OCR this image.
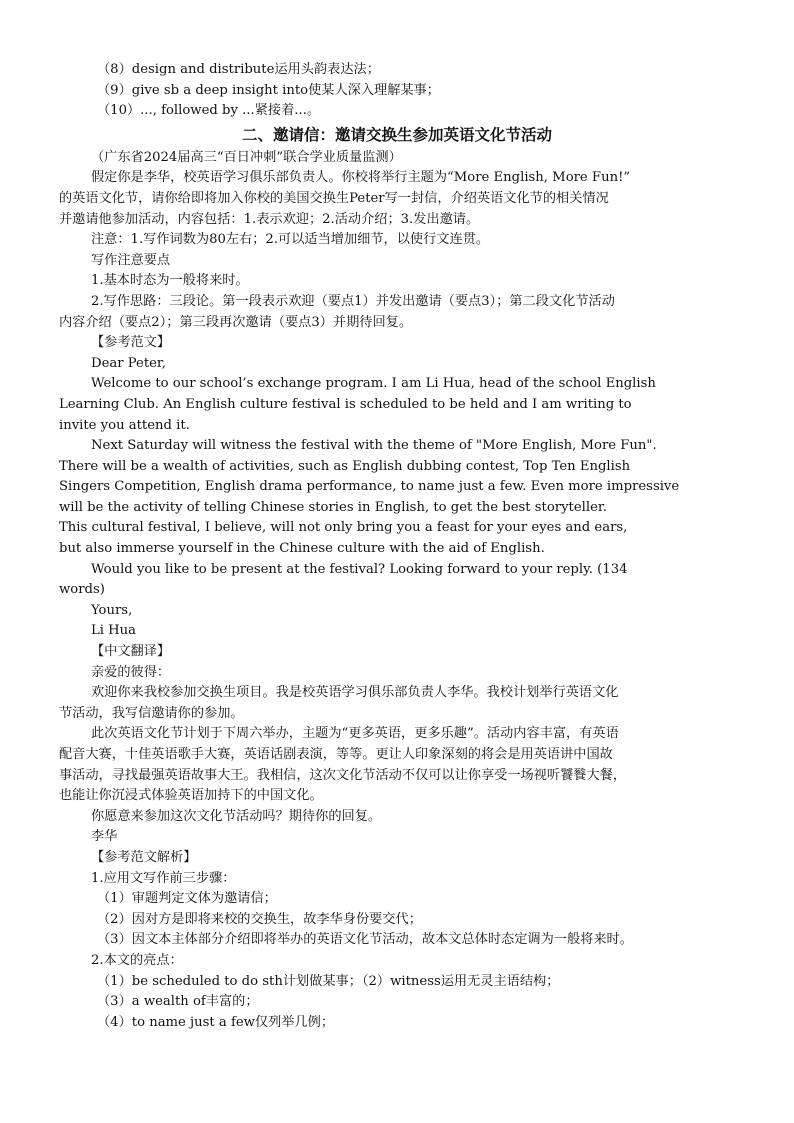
（8）design and distribute运用头韵表达法；
（9）give sb a deep insight into使某人深入理解某事；
（10）..., followed by ...紧接着...。
二、邀请信：邀请交换生参加英语文化节活动
（广东省2024届高三“百日冲刺”联合学业质量监测）
假定你是李华，校英语学习俱乐部负责人。你校将举行主题为“More English, More Fun!”
的英语文化节，请你给即将加入你校的美国交换生Peter写一封信，介绍英语文化节的相关情况
并邀请他参加活动，内容包括：1.表示欢迎；2.活动介绍；3.发出邀请。
注意：1.写作词数为80左右；2.可以适当增加细节，以使行文连贯。
写作注意要点
1.基本时态为一般将来时。
2.写作思路：三段论。第一段表示欢迎（要点1）并发出邀请（要点3）；第二段文化节活动
内容介绍（要点2）；第三段再次邀请（要点3）并期待回复。
【参考范文】
Dear Peter,
Welcome to our school’s exchange program. I am Li Hua, head of the school English
Learning Club. An English culture festival is scheduled to be held and I am writing to
invite you attend it.
Next Saturday will witness the festival with the theme of "More English, More Fun".
There will be a wealth of activities, such as English dubbing contest, Top Ten English
Singers Competition, English drama performance, to name just a few. Even more impressive
will be the activity of telling Chinese stories in English, to get the best storyteller.
This cultural festival, I believe, will not only bring you a feast for your eyes and ears,
but also immerse yourself in the Chinese culture with the aid of English.
Would you like to be present at the festival? Looking forward to your reply. (134
words)
Yours,
Li Hua
【中文翻译】
亲爱的彼得：
欢迎你来我校参加交换生项目。我是校英语学习俱乐部负责人李华。我校计划举行英语文化
节活动，我写信邀请你的参加。
此次英语文化节计划于下周六举办，主题为“更多英语，更多乐趣”。活动内容丰富，有英语
配音大赛，十佳英语歌手大赛，英语话剧表演，等等。更让人印象深刻的将会是用英语讲中国故
事活动，寻找最强英语故事大王。我相信，这次文化节活动不仅可以让你享受一场视听饕餮大餐，
也能让你沉浸式体验英语加持下的中国文化。
你愿意来参加这次文化节活动吗？期待你的回复。
李华
【参考范文解析】
1.应用文写作前三步骤：
（1）审题判定文体为邀请信；
（2）因对方是即将来校的交换生，故李华身份要交代；
（3）因文本主体部分介绍即将举办的英语文化节活动，故本文总体时态定调为一般将来时。
2.本文的亮点：
（1）be scheduled to do sth计划做某事；（2）witness运用无灵主语结构；
（3）a wealth of丰富的；
（4）to name just a few仅列举几例；
